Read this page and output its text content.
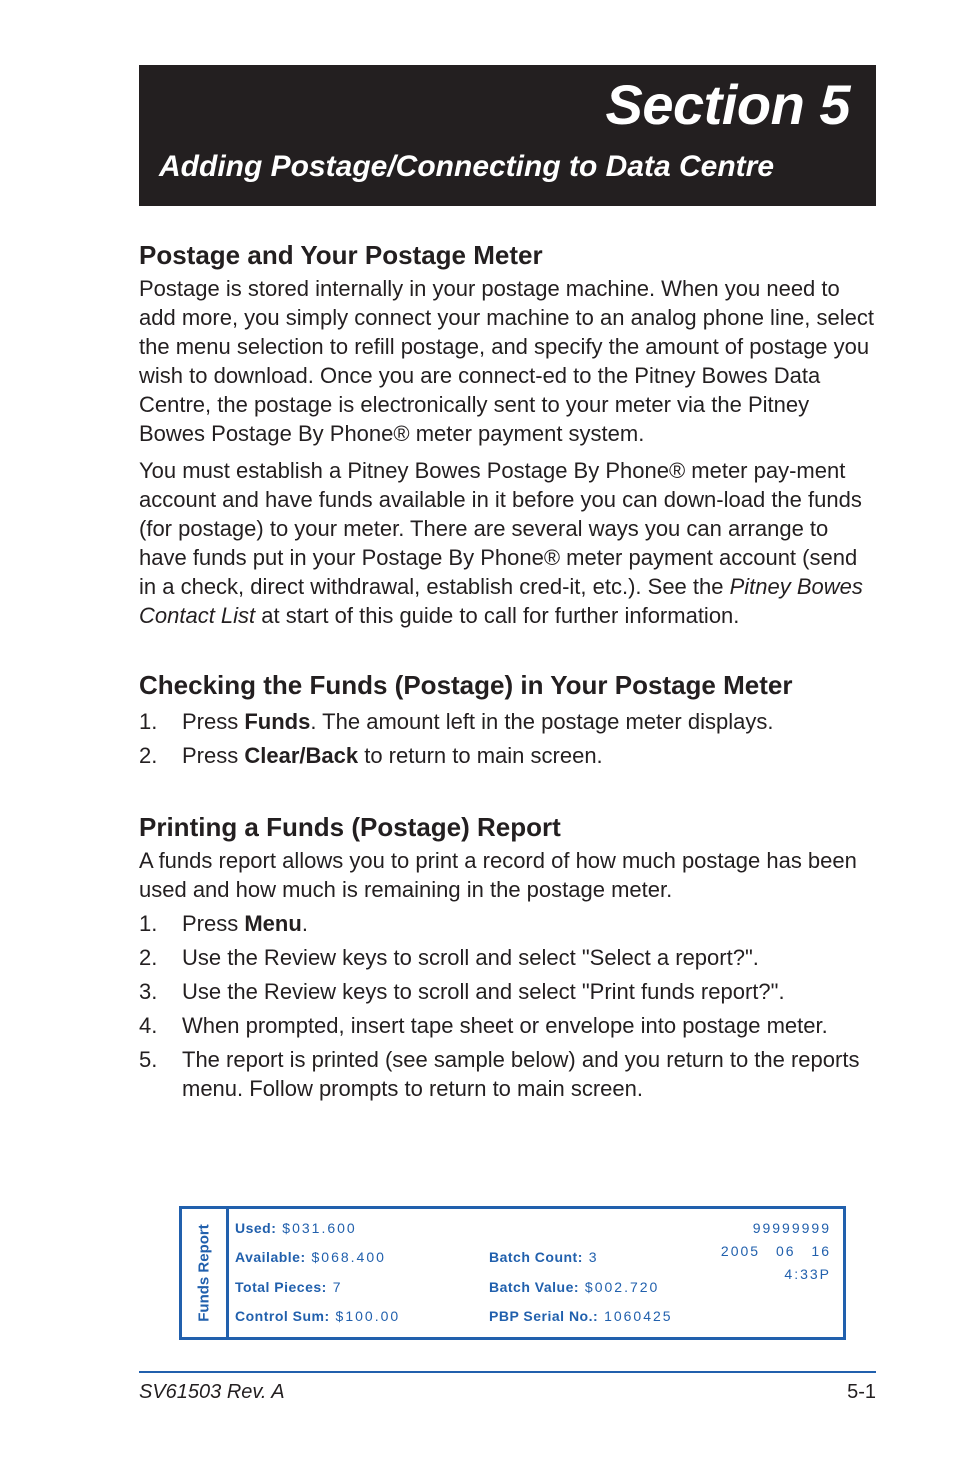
Section 5
Adding Postage/Connecting to Data Centre
Postage and Your Postage Meter

Postage is stored internally in your postage machine. When you need to add more, you simply connect your machine to an analog phone line, select the menu selection to refill postage, and specify the amount of postage you wish to download. Once you are connect-ed to the Pitney Bowes Data Centre, the postage is electronically sent to your meter via the Pitney Bowes Postage By Phone® meter payment system.

You must establish a Pitney Bowes Postage By Phone® meter pay-ment account and have funds available in it before you can down-load the funds (for postage) to your meter. There are several ways you can arrange to have funds put in your Postage By Phone® meter payment account (send in a check, direct withdrawal, establish cred-it, etc.). See the Pitney Bowes Contact List at start of this guide to call for further information.

Checking the Funds (Postage) in Your Postage Meter
1. Press Funds. The amount left in the postage meter displays.
2. Press Clear/Back to return to main screen.
Printing a Funds (Postage) Report

A funds report allows you to print a record of how much postage has been used and how much is remaining in the postage meter.

1. Press Menu.
2. Use the Review keys to scroll and select "Select a report?".
3. Use the Review keys to scroll and select "Print funds report?".
4. When prompted, insert tape sheet or envelope into postage meter.
5. The report is printed (see sample below) and you return to the reports menu. Follow prompts to return to main screen.
Funds Report Used: $031.600
Available: $068.400
Total Pieces: 7
Control Sum: $100.00
Batch Count: 3
Batch Value: $002.720
PBP Serial No.: 1060425
99999999
2005 06 16
4:33P
SV61503 Rev. A	5-1
